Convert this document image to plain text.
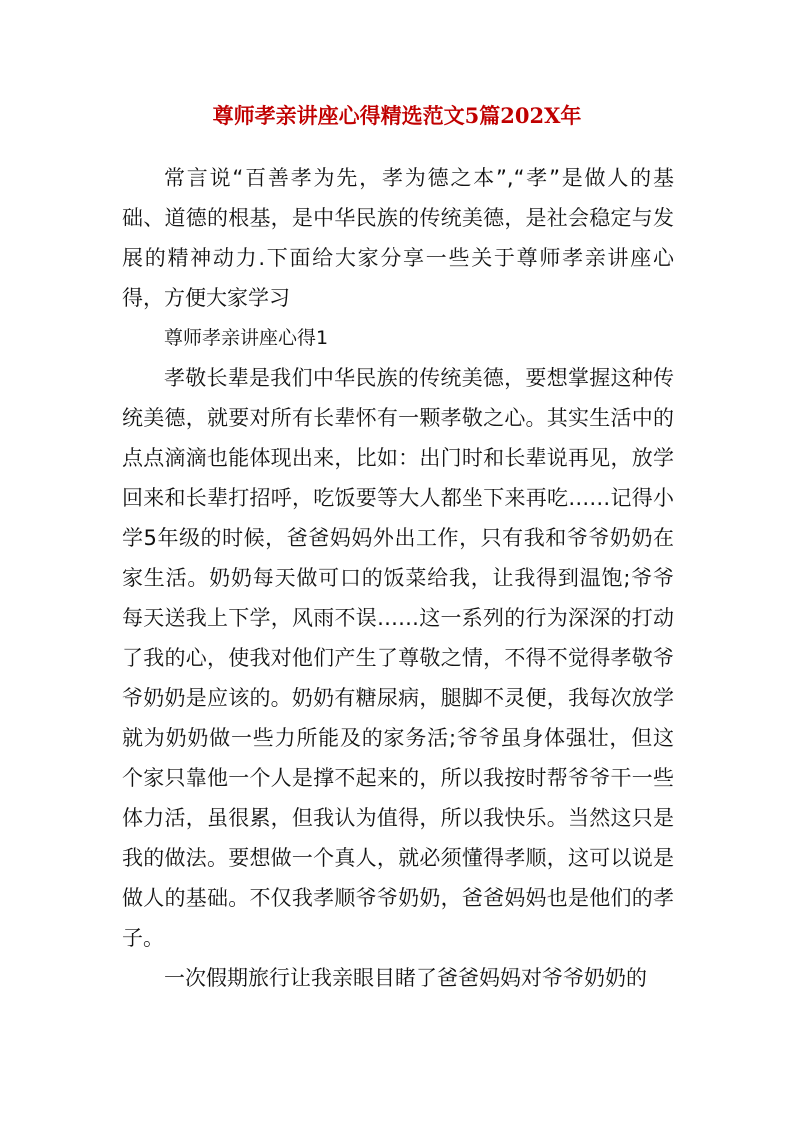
尊师孝亲讲座心得精选范文5篇202X年

常言说“百善孝为先，孝为德之本”,“孝”是做人的基础、道德的根基，是中华民族的传统美德，是社会稳定与发展的精神动力.下面给大家分享一些关于尊师孝亲讲座心得，方便大家学习

尊师孝亲讲座心得1

孝敬长辈是我们中华民族的传统美德，要想掌握这种传统美德，就要对所有长辈怀有一颗孝敬之心。其实生活中的点点滴滴也能体现出来，比如：出门时和长辈说再见，放学回来和长辈打招呼，吃饭要等大人都坐下来再吃……记得小学5年级的时候，爸爸妈妈外出工作，只有我和爷爷奶奶在家生活。奶奶每天做可口的饭菜给我，让我得到温饱;爷爷每天送我上下学，风雨不误……这一系列的行为深深的打动了我的心，使我对他们产生了尊敬之情，不得不觉得孝敬爷爷奶奶是应该的。奶奶有糖尿病，腿脚不灵便，我每次放学就为奶奶做一些力所能及的家务活;爷爷虽身体强壮，但这个家只靠他一个人是撑不起来的，所以我按时帮爷爷干一些体力活，虽很累，但我认为值得，所以我快乐。当然这只是我的做法。要想做一个真人，就必须懂得孝顺，这可以说是做人的基础。不仅我孝顺爷爷奶奶，爸爸妈妈也是他们的孝子。

一次假期旅行让我亲眼目睹了爸爸妈妈对爷爷奶奶的
